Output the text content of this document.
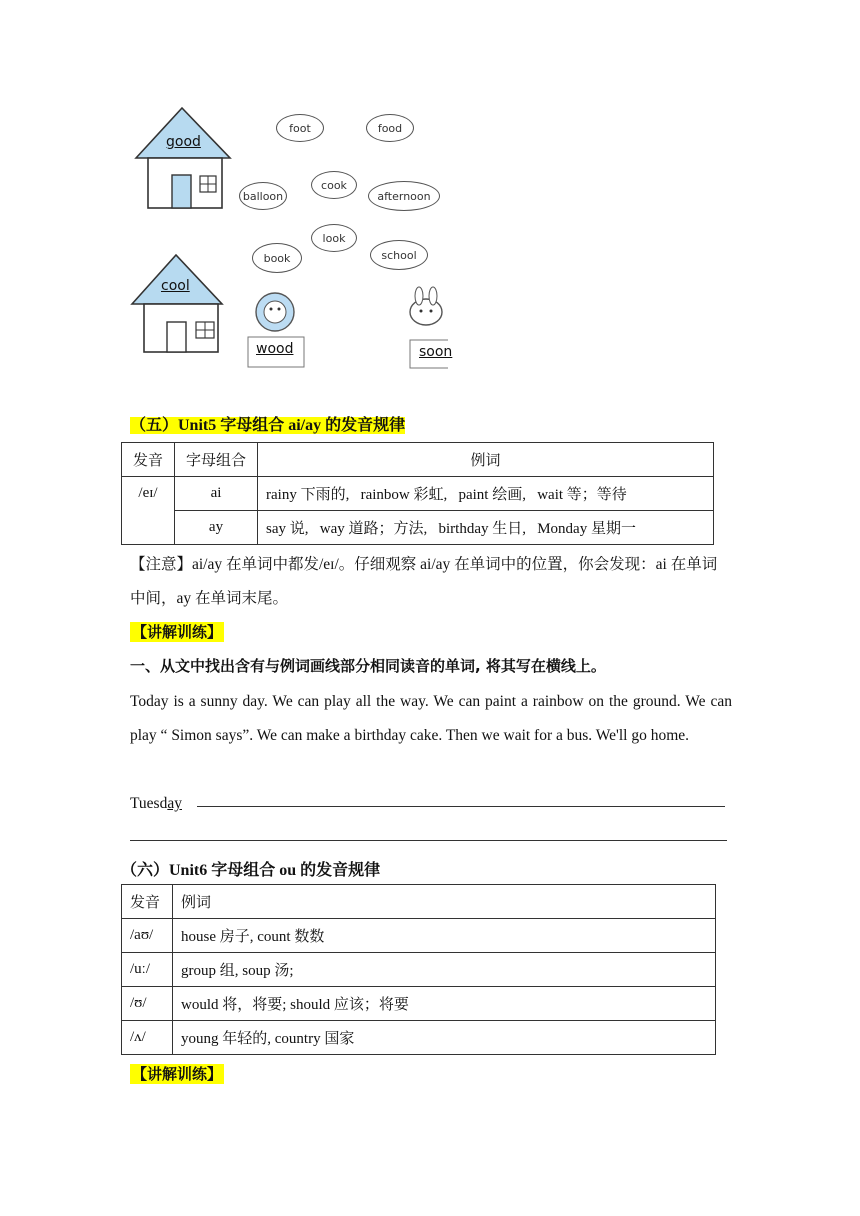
good
cool
foot	food
balloon
cook
afternoon
look
book	school
wood	soon
（五）Unit5 字母组合 ai/ay 的发音规律
发音	字母组合	例词
/eɪ/	ai	rainy 下雨的,   rainbow 彩虹,   paint 绘画,   wait 等；等待
	ay	say 说,   way 道路；方法,   birthday 生日,   Monday 星期一
【注意】ai/ay 在单词中都发/eɪ/。仔细观察 ai/ay 在单词中的位置，你会发现：ai 在单词中间，ay 在单词末尾。
【讲解训练】
一、从文中找出含有与例词画线部分相同读音的单词, 将其写在横线上。
Today is a sunny day. We can play all the way. We can paint a rainbow on the ground. We can play “ Simon says”. We can make a birthday cake. Then we wait for a bus. We'll go home.
Tuesday
（六）Unit6 字母组合 ou 的发音规律
发音	例词
/aʊ/	house 房子, count 数数
/uː/	group 组, soup 汤;
/ʊ/	would 将，将要; should 应该；将要
/ʌ/	young 年轻的, country 国家
【讲解训练】
